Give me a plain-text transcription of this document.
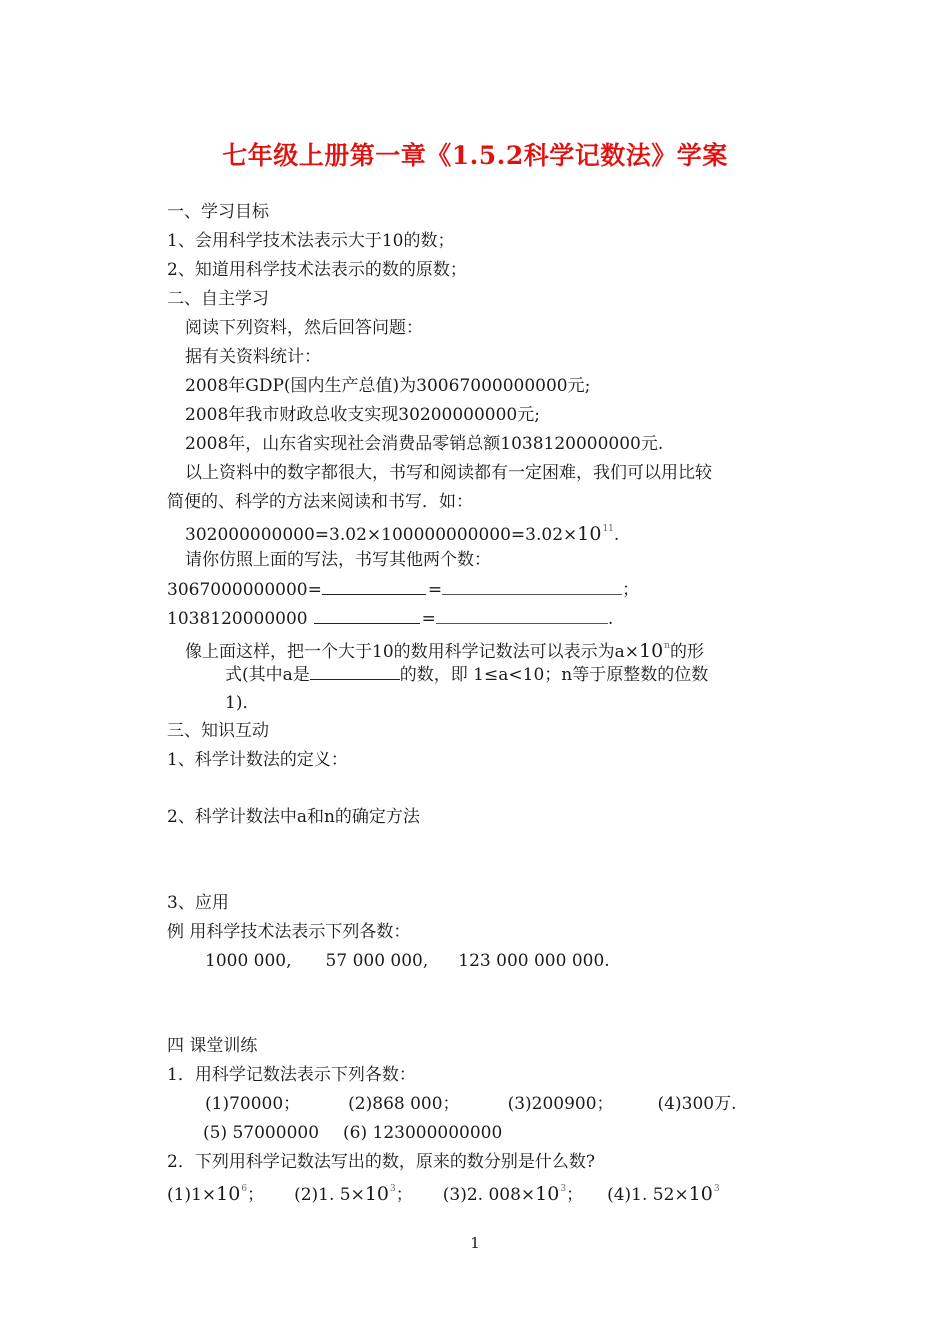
七年级上册第一章《1.5.2科学记数法》学案
一、学习目标
1、会用科学技术法表示大于10的数；
2、知道用科学技术法表示的数的原数；
二、自主学习
阅读下列资料，然后回答问题：
据有关资料统计：
2008年GDP(国内生产总值)为30067000000000元;
2008年我市财政总收支实现30200000000元;
2008年，山东省实现社会消费品零销总额1038120000000元.
以上资料中的数字都很大，书写和阅读都有一定困难，我们可以用比较
简便的、科学的方法来阅读和书写．如：
$302000000000=3.02\times 100000000000=3.02\times 10^{11}$.
请你仿照上面的写法，书写其他两个数：
3067000000000=	=	；
1038120000000	=	.
像上面这样，把一个大于10的数用科学记数法可以表示为$a\times 10^n$的形
式(其中a是	的数，即 1≤a<10；n等于原整数的位数
1)．
三、知识互动
1、科学计数法的定义：
2、科学计数法中a和n的确定方法
3、应用
例 用科学技术法表示下列各数：
1000 000, 57 000 000, 123 000 000 000.
四 课堂训练
1．用科学记数法表示下列各数：
(1)70000；	(2)868 000；	(3)200900；	(4)300万.
(5) 57000000 (6) 123000000000
2．下列用科学记数法写出的数，原来的数分别是什么数?
$(1)1\times 10^6$； (2)1. $5\times 10^3$； (3)2. $008\times 10^3$； (4)1. $52\times 10^3$
1
